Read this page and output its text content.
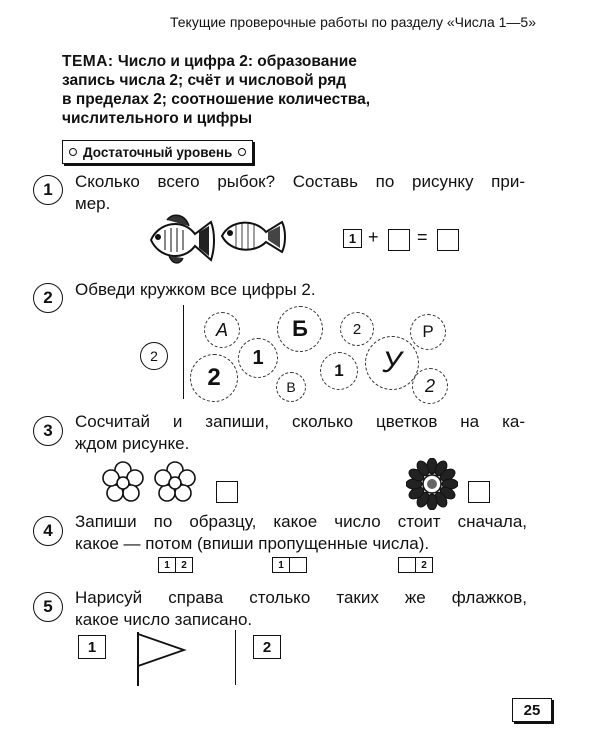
Текущие проверочные работы по разделу «Числа 1—5»
ТЕМА: Число и цифра 2: образование
запись числа 2; счёт и числовой ряд
в пределах 2; соотношение количества,
числительного и цифры
Достаточный уровень
1	Сколько всего рыбок? Составь по рисунку при-
мер.
1 + =
2	Обведи кружком все цифры 2.
2
А	Б	2	Р
2
1
1	У
В	2
3	Сосчитай и запиши, сколько цветков на ка-
ждом рисунке.
4	Запиши по образцу, какое число стоит сначала,
какое — потом (впиши пропущенные числа).
1	2	1	2
5	Нарисуй справа столько таких же флажков,
какое число записано.
1	2
25
